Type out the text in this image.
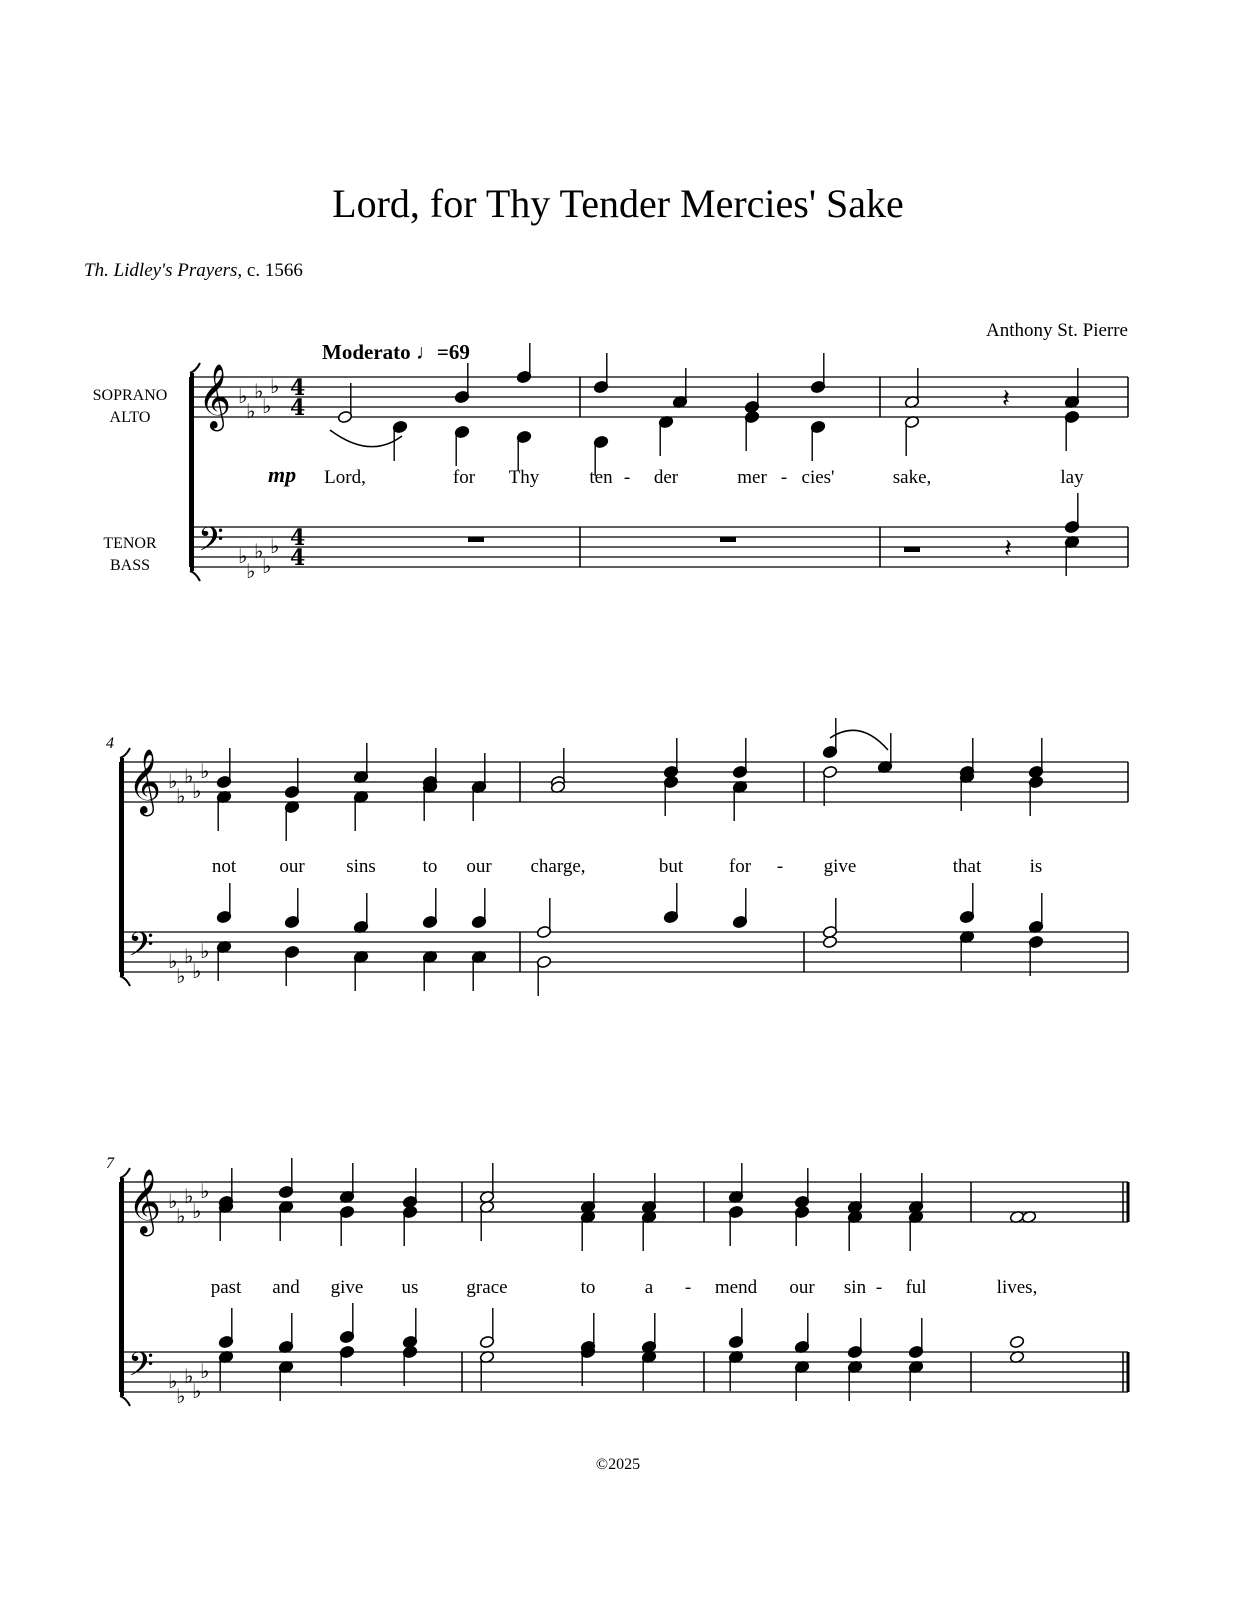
𝄞
𝄢
♭
♭
♭
♭
♭
♭
♭
♭
♭
♭
4
4
4
4
𝄽
𝄽
𝄞
𝄢
♭
♭
♭
♭
♭
♭
♭
♭
♭
♭
𝄞
𝄢
♭
♭
♭
♭
♭
♭
♭
♭
♭
♭
Lord, for Thy Tender Mercies' Sake
Th. Lidley's Prayers, c. 1566
Anthony St. Pierre
Moderato ♩=69
SOPRANO
ALTO
TENOR
BASS
mp
4
7
Lord,	for Thy	ten - der	mer - cies'	sake,	lay
not our sins to our charge,	but for - give	that	is
past and give us	grace	to	a - mend our sin - ful	lives,
©2025
